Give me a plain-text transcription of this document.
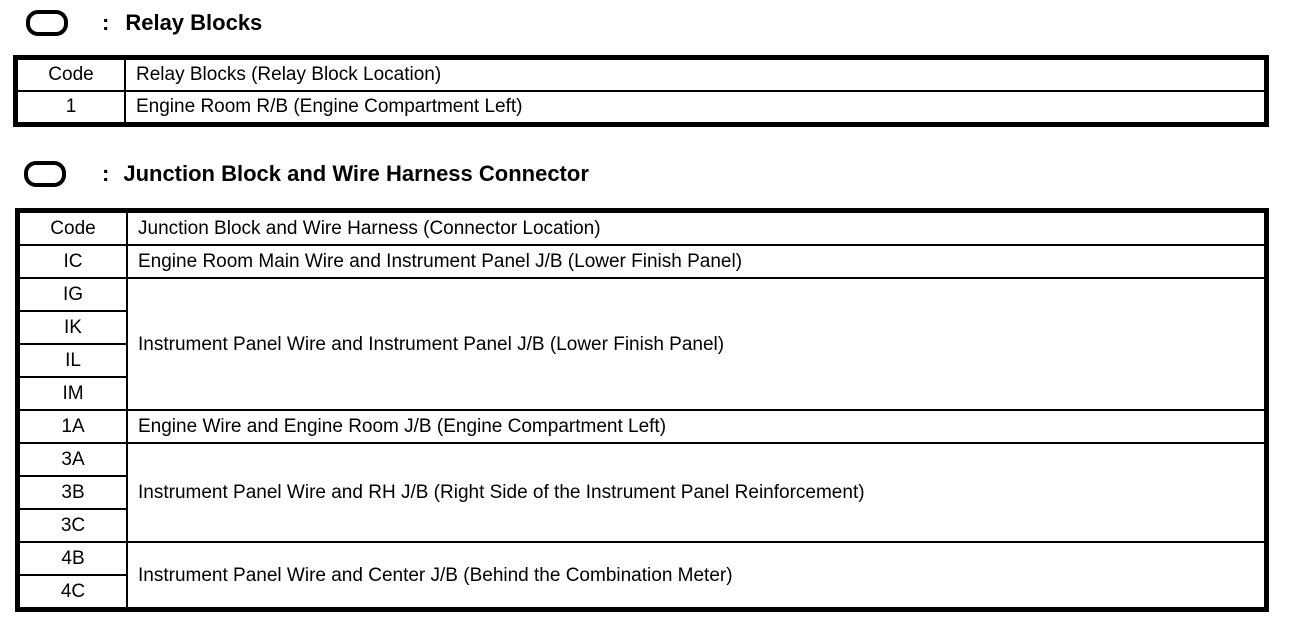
: Relay Blocks
Code	Relay Blocks (Relay Block Location)
1	Engine Room R/B (Engine Compartment Left)
: Junction Block and Wire Harness Connector
Code	Junction Block and Wire Harness (Connector Location)
IC	Engine Room Main Wire and Instrument Panel J/B (Lower Finish Panel)
IG	Instrument Panel Wire and Instrument Panel J/B (Lower Finish Panel)
IK	
IL	
IM	
1A	Engine Wire and Engine Room J/B (Engine Compartment Left)
3A	Instrument Panel Wire and RH J/B (Right Side of the Instrument Panel Reinforcement)
3B	
3C	
4B	Instrument Panel Wire and Center J/B (Behind the Combination Meter)
4C	
